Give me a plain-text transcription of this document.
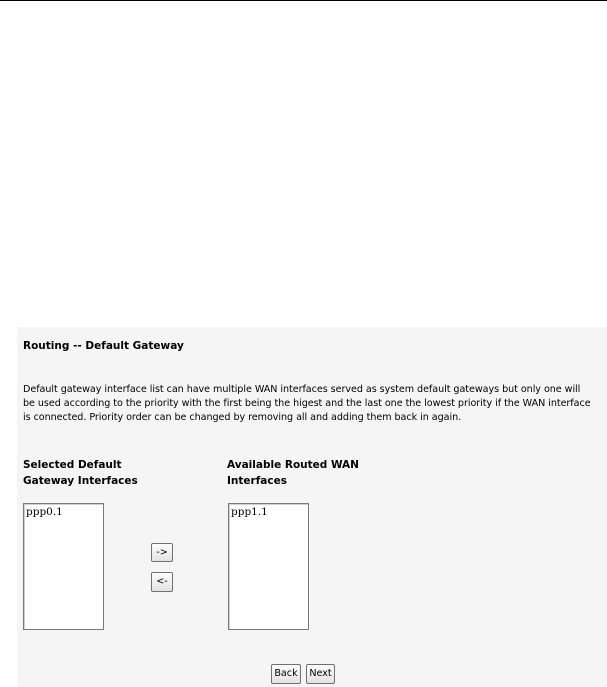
Routing -- Default Gateway
Default gateway interface list can have multiple WAN interfaces served as system default gateways but only one will be used according to the priority with the first being the higest and the last one the lowest priority if the WAN interface is connected. Priority order can be changed by removing all and adding them back in again.
Selected Default
Gateway Interfaces
Available Routed WAN
Interfaces
ppp0.1	ppp1.1
->
<-
Back	Next
